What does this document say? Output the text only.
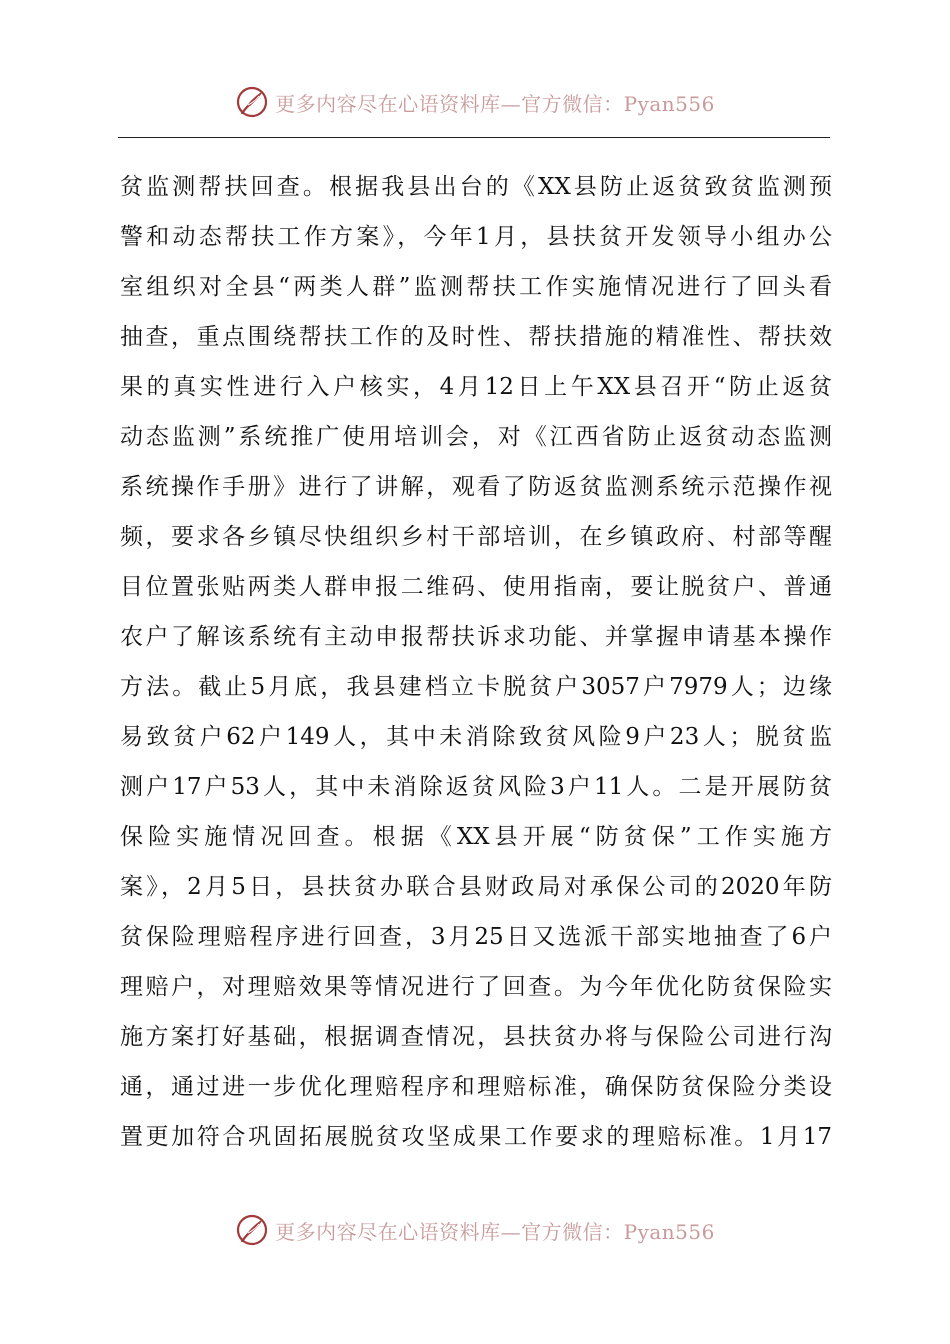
更多内容尽在心语资料库—官方微信：Pyan556
贫监测帮扶回查。根据我县出台的《XX县防止返贫致贫监测预
警和动态帮扶工作方案》，今年1月，县扶贫开发领导小组办公
室组织对全县“两类人群”监测帮扶工作实施情况进行了回头看
抽查，重点围绕帮扶工作的及时性、帮扶措施的精准性、帮扶效
果的真实性进行入户核实，4月12日上午XX县召开“防止返贫
动态监测”系统推广使用培训会，对《江西省防止返贫动态监测
系统操作手册》进行了讲解，观看了防返贫监测系统示范操作视
频，要求各乡镇尽快组织乡村干部培训，在乡镇政府、村部等醒
目位置张贴两类人群申报二维码、使用指南，要让脱贫户、普通
农户了解该系统有主动申报帮扶诉求功能、并掌握申请基本操作
方法。截止5月底，我县建档立卡脱贫户3057户7979人；边缘
易致贫户62户149人，其中未消除致贫风险9户23人；脱贫监
测户17户53人，其中未消除返贫风险3户11人。二是开展防贫
保险实施情况回查。根据《XX县开展“防贫保”工作实施方
案》，2月5日，县扶贫办联合县财政局对承保公司的2020年防
贫保险理赔程序进行回查，3月25日又选派干部实地抽查了6户
理赔户，对理赔效果等情况进行了回查。为今年优化防贫保险实
施方案打好基础，根据调查情况，县扶贫办将与保险公司进行沟
通，通过进一步优化理赔程序和理赔标准，确保防贫保险分类设
置更加符合巩固拓展脱贫攻坚成果工作要求的理赔标准。1月17
更多内容尽在心语资料库—官方微信：Pyan556
